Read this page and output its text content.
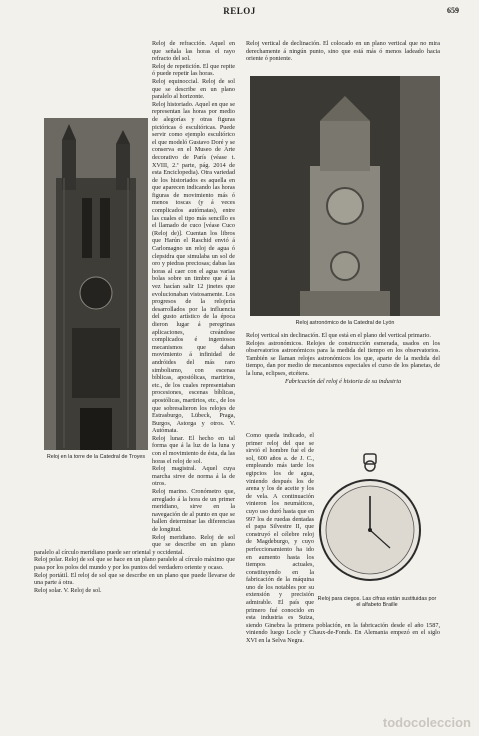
RELOJ	659
Reloj en la torre de la Catedral de Troyes

Reloj de refracción. Aquel en que señala las horas el rayo refracto del sol.

Reloj de repetición. El que repite ó puede repetir las horas.

Reloj equinoccial. Reloj de sol que se describe en un plano paralelo al horizonte.

Reloj historiado. Aquel en que se representan las horas por medio de alegorías y otras figuras pictóricas ó escultóricas. Puede servir como ejemplo escultórico el que modeló Gustavo Doré y se conserva en el Museo de Arte decorativo de París (véase t. XVIII, 2.ª parte, pág. 2014 de esta Enciclopedia). Otra variedad de los historiados es aquella en que aparecen indicando las horas figuras de movimiento más ó menos toscas (y á veces complicados autómatas), entre las cuales el tipo más sencillo es el llamado de cuco [véase Cuco (Reloj de)]. Cuentan los libros que Harún el Raschid envió á Carlomagno un reloj de agua ó clepsidra que simulaba un sol de oro y piedras preciosas; dabas las horas al caer con el agua varias bolas sobre un timbre que á la vez hacían salir 12 jinetes que evolucionaban vistosamente. Los progresos de la relojería desarrollados por la influencia del gusto artístico de la época dieron lugar á peregrinas aplicaciones, creándose complicados é ingeniosos mecanismos que daban movimiento á infinidad de andróides del más raro simbolismo, con escenas bíblicas, apostólicas, martirios, etc., de los cuales representaban procesiones, escenas bíblicas, apostólicas, martirios, etc., de los que sobresalieron los relojes de Estrasburgo, Lübeck, Praga, Burgos, Astorga y otros. V. Autómata.

Reloj lunar. El hecho en tal forma que á la luz de la luna y con el movimiento de ésta, da las horas el reloj de sol.

Reloj magistral. Aquel cuya marcha sirve de norma á la de otros.

Reloj marino. Cronómetro que, arreglado á la hora de un primer meridiano, sirve en la navegación de al punto en que se hallen determinar las diferencias de longitud.

Reloj meridiano. Reloj de sol que se describe en un plano paralelo al círculo meridiano puede ser oriental y occidental.

Reloj polar. Reloj de sol que se hace en un plano paralelo al círculo máximo que pasa por los polos del mundo y por los puntos del verdadero oriente y ocaso.

Reloj portátil. El reloj de sol que se describe en un plano que puede llevarse de una parte á otra.

Reloj solar. V. Reloj de sol.

Reloj vertical de declinación. El colocado en un plano vertical que no mira derechamente á ningún punto, sino que está más ó menos ladeado hacia oriente ó poniente.

Reloj astronómico de la Catedral de Lyón

Reloj vertical sin declinación. El que está en el plano del vertical primario.

Relojes astronómicos. Relojes de construcción esmerada, usados en los observatorios astronómicos para la medida del tiempo en los observatorios. También se llaman relojes astronómicos los que, aparte de la medida del tiempo, dan por medio de mecanismos especiales el curso de los planetas, de la luna, eclipses, etcétera.

Fabricación del reloj é historia de su industria

Reloj para ciegos. Las cifras están sustituidas por el alfabeto Braille

Como queda indicado, el primer reloj del que se sirvió el hombre fué el de sol, 600 años a. de J. C., empleando más tarde los egipcios los de agua, viniendo después los de arena y los de aceite y los de vela. A continuación vinieron los neumáticos, cuyo uso duró hasta que en 997 los de ruedas dentadas el papa Silvestre II, que construyó el célebre reloj de Magdeburgo, y cuyo perfeccionamiento ha ido en aumento hasta los tiempos actuales, constituyendo en la fabricación de la máquina uno de los notables por su extensión y precisión admirable. El país que primero fué conocido en esta industria es Suiza, siendo Ginebra la primera población, en la fabricación desde el año 1587, viniendo luego Locle y Chaux-de-Fonds. En Alemania empezó en el siglo XVI en la Selva Negra.

todocoleccion
